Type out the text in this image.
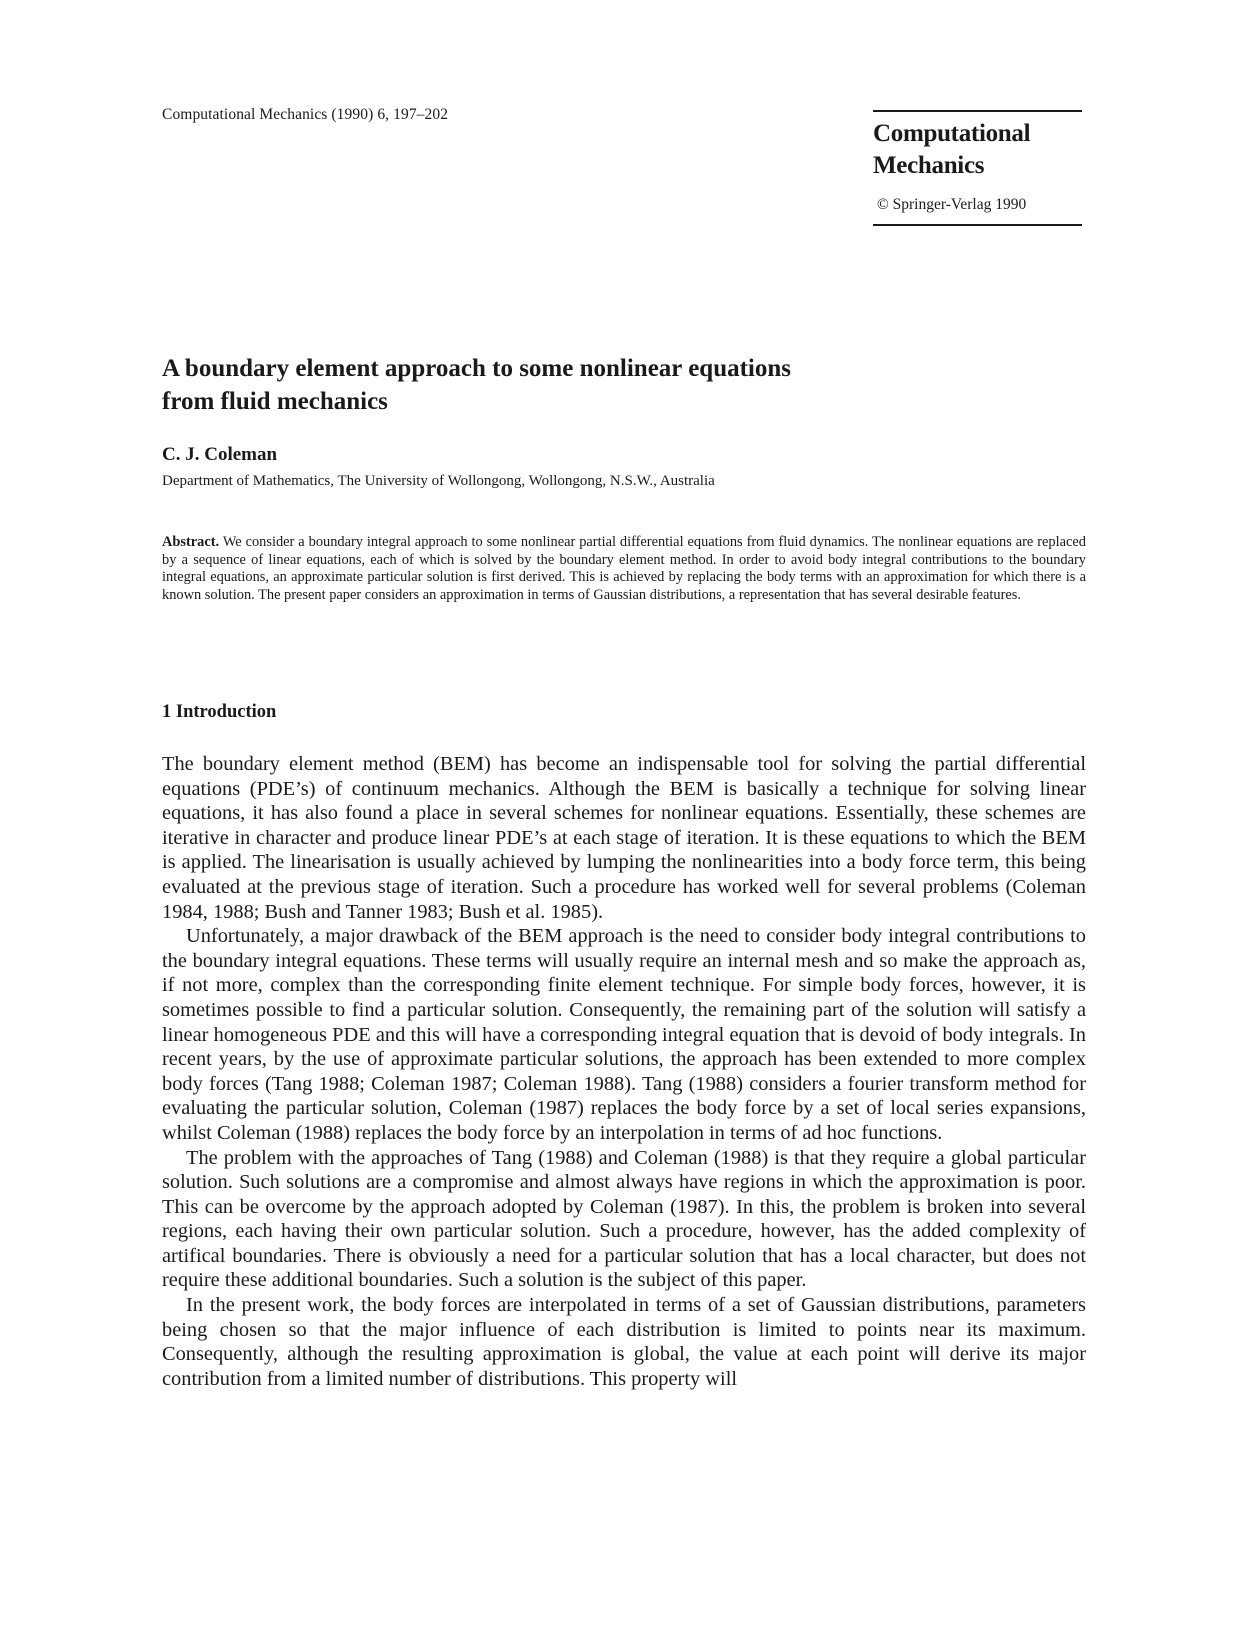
Computational Mechanics (1990) 6, 197–202
Computational
Mechanics
© Springer-Verlag 1990
A boundary element approach to some nonlinear equations
from fluid mechanics
C. J. Coleman
Department of Mathematics, The University of Wollongong, Wollongong, N.S.W., Australia

Abstract. We consider a boundary integral approach to some nonlinear partial differential equations from fluid dynamics. The nonlinear equations are replaced by a sequence of linear equations, each of which is solved by the boundary element method. In order to avoid body integral contributions to the boundary integral equations, an approximate particular solution is first derived. This is achieved by replacing the body terms with an approximation for which there is a known solution. The present paper considers an approximation in terms of Gaussian distributions, a representation that has several desirable features.

1 Introduction

The boundary element method (BEM) has become an indispensable tool for solving the partial differential equations (PDE’s) of continuum mechanics. Although the BEM is basically a technique for solving linear equations, it has also found a place in several schemes for nonlinear equations. Essentially, these schemes are iterative in character and produce linear PDE’s at each stage of iteration. It is these equations to which the BEM is applied. The linearisation is usually achieved by lumping the nonlinearities into a body force term, this being evaluated at the previous stage of iteration. Such a procedure has worked well for several problems (Coleman 1984, 1988; Bush and Tanner 1983; Bush et al. 1985).

Unfortunately, a major drawback of the BEM approach is the need to consider body integral contributions to the boundary integral equations. These terms will usually require an internal mesh and so make the approach as, if not more, complex than the corresponding finite element technique. For simple body forces, however, it is sometimes possible to find a particular solution. Consequently, the remaining part of the solution will satisfy a linear homogeneous PDE and this will have a corresponding integral equation that is devoid of body integrals. In recent years, by the use of approximate particular solutions, the approach has been extended to more complex body forces (Tang 1988; Coleman 1987; Coleman 1988). Tang (1988) considers a fourier transform method for evaluating the particular solution, Coleman (1987) replaces the body force by a set of local series expansions, whilst Coleman (1988) replaces the body force by an interpolation in terms of ad hoc functions.

The problem with the approaches of Tang (1988) and Coleman (1988) is that they require a global particular solution. Such solutions are a compromise and almost always have regions in which the approximation is poor. This can be overcome by the approach adopted by Coleman (1987). In this, the problem is broken into several regions, each having their own particular solution. Such a procedure, however, has the added complexity of artifical boundaries. There is obviously a need for a particular solution that has a local character, but does not require these additional boundaries. Such a solution is the subject of this paper.

In the present work, the body forces are interpolated in terms of a set of Gaussian distributions, parameters being chosen so that the major influence of each distribution is limited to points near its maximum. Consequently, although the resulting approximation is global, the value at each point will derive its major contribution from a limited number of distributions. This property will
